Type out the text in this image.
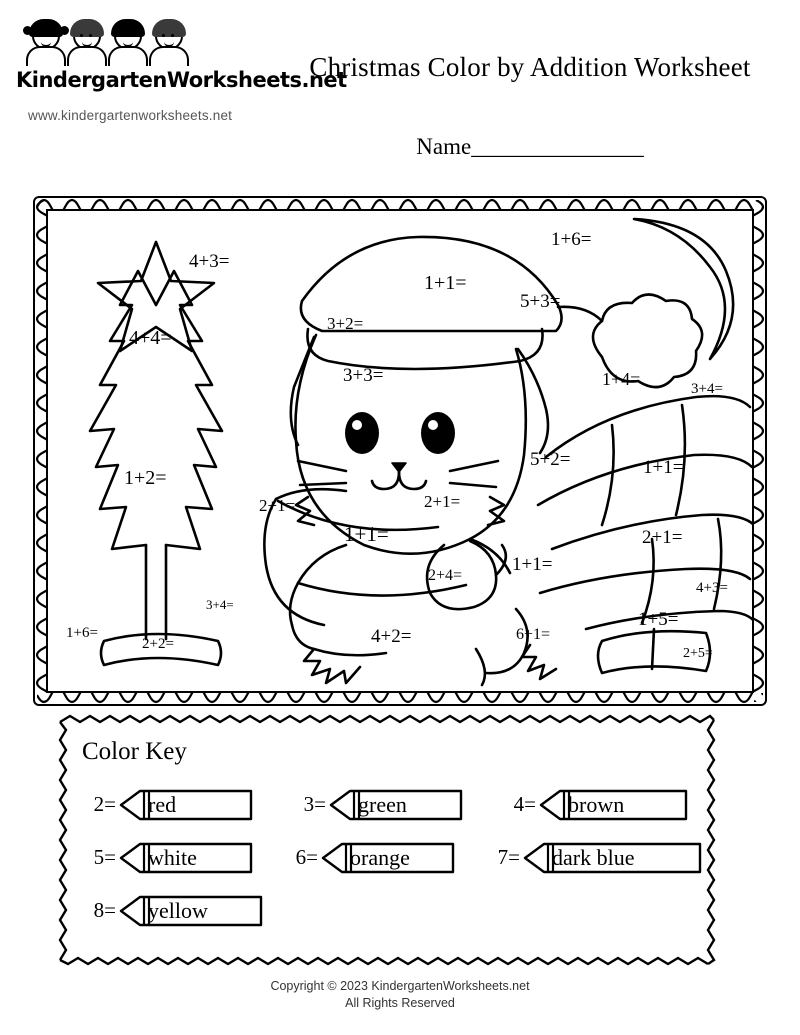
KindergartenWorksheets.net
www.kindergartenworksheets.net
Christmas Color by Addition Worksheet
Name_______________
4+3=
1+6=
1+1=
5+3=
3+2=
4+4=
3+3=	1+4=	3+4=
5+2=	1+1=
1+2=
2+1=	2+1=
1+1=	2+1=
1+1=
2+4=
4+3=
3+4=
1+5=
4+2=	6+1=
1+6=
2+2=
2+5=
Color Key
2= red	3= green	4= brown
5= white	6= orange	7= dark blue
8= yellow
Copyright © 2023 KindergartenWorksheets.net
All Rights Reserved
